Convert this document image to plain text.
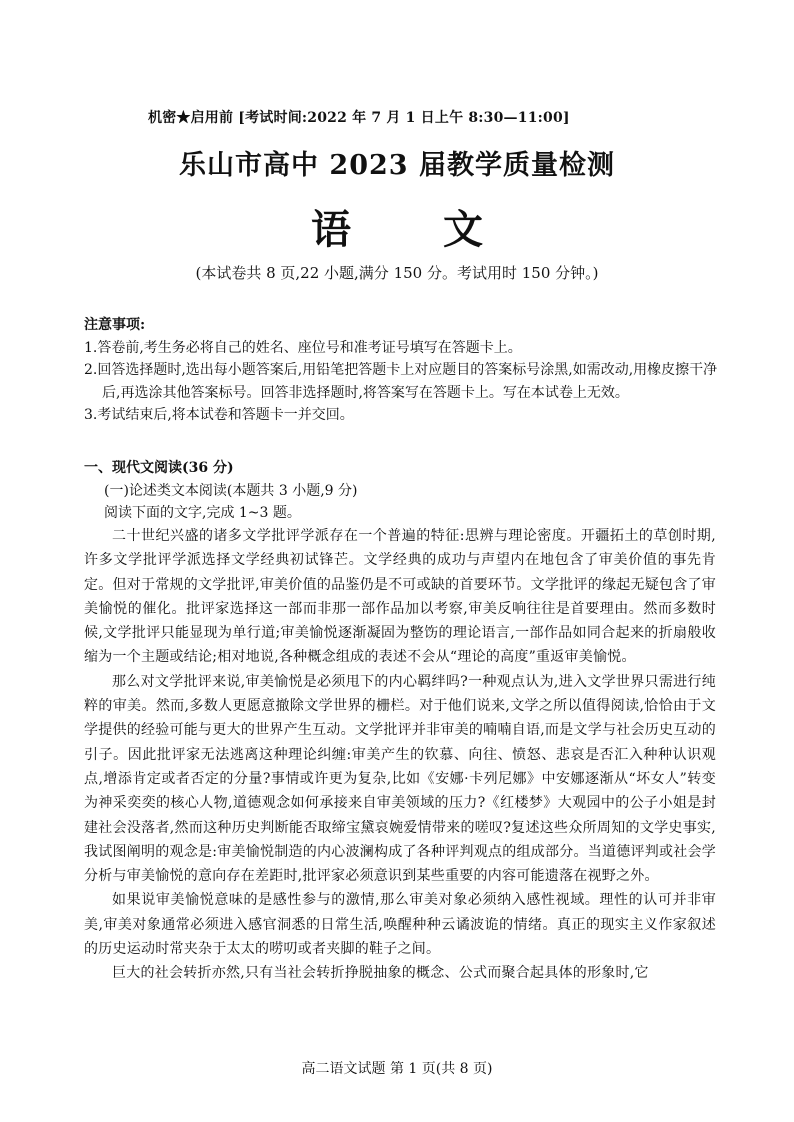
机密★启用前 [考试时间:2022 年 7 月 1 日上午 8:30—11:00]
乐山市高中 2023 届教学质量检测
语 文
(本试卷共 8 页,22 小题,满分 150 分。考试用时 150 分钟。)
注意事项:
1.答卷前,考生务必将自己的姓名、座位号和准考证号填写在答题卡上。
2.回答选择题时,选出每小题答案后,用铅笔把答题卡上对应题目的答案标号涂黑,如需改动,用橡皮擦干净后,再选涂其他答案标号。回答非选择题时,将答案写在答题卡上。写在本试卷上无效。
3.考试结束后,将本试卷和答题卡一并交回。
一、现代文阅读(36 分)
(一)论述类文本阅读(本题共 3 小题,9 分)
阅读下面的文字,完成 1~3 题。

二十世纪兴盛的诸多文学批评学派存在一个普遍的特征:思辨与理论密度。开疆拓土的草创时期,许多文学批评学派选择文学经典初试锋芒。文学经典的成功与声望内在地包含了审美价值的事先肯定。但对于常规的文学批评,审美价值的品鉴仍是不可或缺的首要环节。文学批评的缘起无疑包含了审美愉悦的催化。批评家选择这一部而非那一部作品加以考察,审美反响往往是首要理由。然而多数时候,文学批评只能显现为单行道;审美愉悦逐渐凝固为整饬的理论语言,一部作品如同合起来的折扇般收缩为一个主题或结论;相对地说,各种概念组成的表述不会从“理论的高度”重返审美愉悦。

那么对文学批评来说,审美愉悦是必须甩下的内心羁绊吗?一种观点认为,进入文学世界只需进行纯粹的审美。然而,多数人更愿意撤除文学世界的栅栏。对于他们说来,文学之所以值得阅读,恰恰由于文学提供的经验可能与更大的世界产生互动。文学批评并非审美的喃喃自语,而是文学与社会历史互动的引子。因此批评家无法逃离这种理论纠缠:审美产生的钦慕、向往、愤怒、悲哀是否汇入种种认识观点,增添肯定或者否定的分量?事情或许更为复杂,比如《安娜·卡列尼娜》中安娜逐渐从“坏女人”转变为神采奕奕的核心人物,道德观念如何承接来自审美领域的压力?《红楼梦》大观园中的公子小姐是封建社会没落者,然而这种历史判断能否取缔宝黛哀婉爱情带来的嗟叹?复述这些众所周知的文学史事实,我试图阐明的观念是:审美愉悦制造的内心波澜构成了各种评判观点的组成部分。当道德评判或社会学分析与审美愉悦的意向存在差距时,批评家必须意识到某些重要的内容可能遗落在视野之外。

如果说审美愉悦意味的是感性参与的激情,那么审美对象必须纳入感性视域。理性的认可并非审美,审美对象通常必须进入感官洞悉的日常生活,唤醒种种云谲波诡的情绪。真正的现实主义作家叙述的历史运动时常夹杂于太太的唠叨或者夹脚的鞋子之间。

巨大的社会转折亦然,只有当社会转折挣脱抽象的概念、公式而聚合起具体的形象时,它

高二语文试题 第 1 页(共 8 页)
